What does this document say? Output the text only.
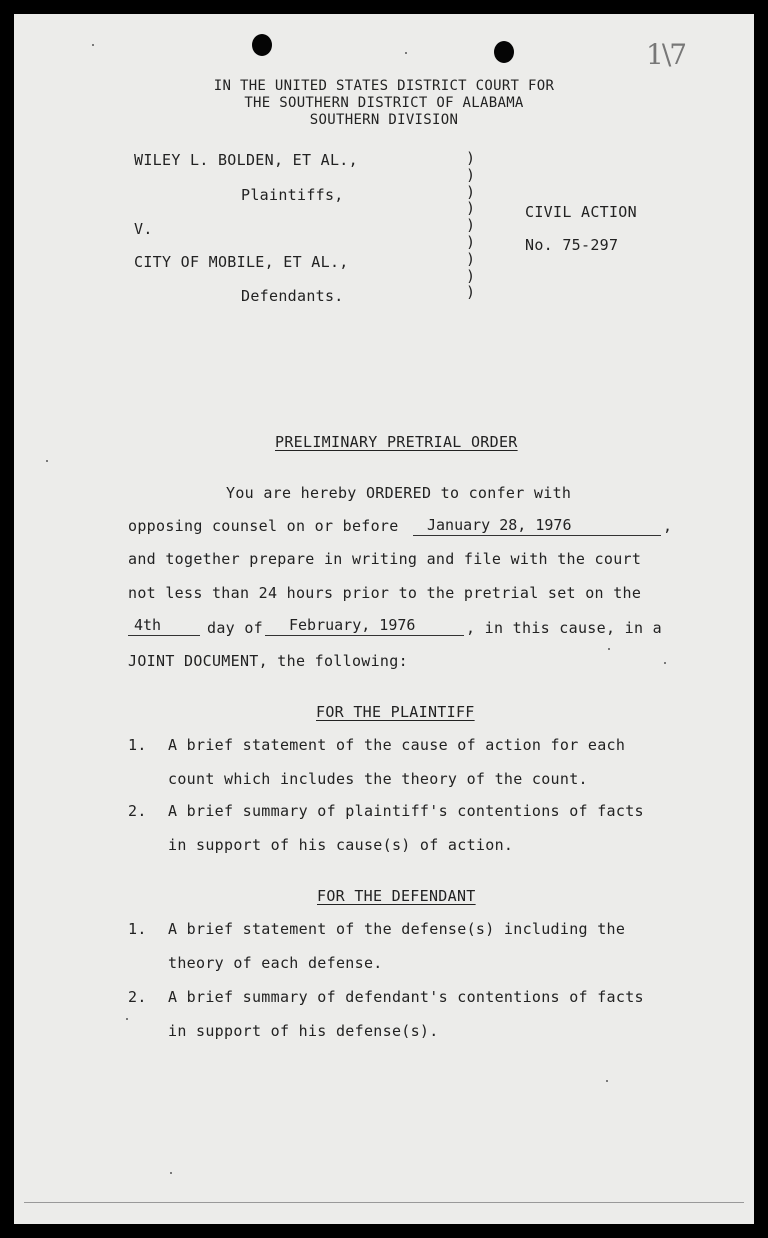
1\7
IN THE UNITED STATES DISTRICT COURT FOR
THE SOUTHERN DISTRICT OF ALABAMA
SOUTHERN DIVISION
WILEY L. BOLDEN, ET AL.,
Plaintiffs,
V.
CITY OF MOBILE, ET AL.,
Defendants.
)
)
)
)
)
)
)
)
)
CIVIL ACTION
No. 75-297
PRELIMINARY PRETRIAL ORDER
You are hereby ORDERED to confer with
opposing counsel on or before	January 28, 1976	,
and together prepare in writing and file with the court
not less than 24 hours prior to the pretrial set on the
4th	day of	February, 1976	, in this cause, in a
JOINT DOCUMENT, the following:
FOR THE PLAINTIFF
1. A brief statement of the cause of action for each
count which includes the theory of the count.
2. A brief summary of plaintiff's contentions of facts
in support of his cause(s) of action.
FOR THE DEFENDANT
1. A brief statement of the defense(s) including the
theory of each defense.
2. A brief summary of defendant's contentions of facts
in support of his defense(s).
